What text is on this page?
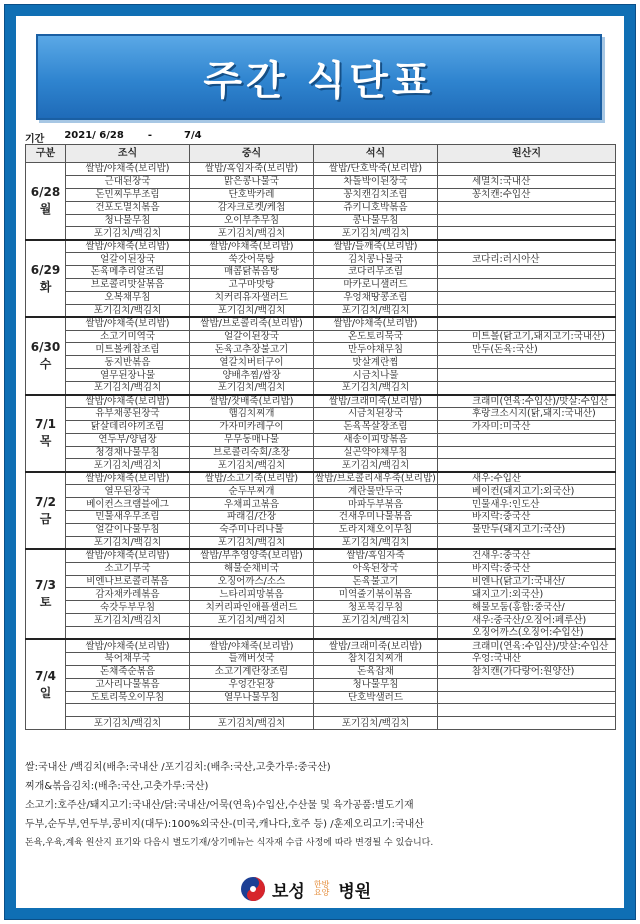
주간 식단표
기간 2021/ 6/28 -	7/4
구분	조식	중식	석식	원산지

6/28
월	쌀밥/야채죽(보리밥)	쌀밥/흑임자죽(보리밥)	쌀밥/단호박죽(보리밥)	
	근대된장국	맑은콩나물국	차돌박이된장국	세멸치:국내산
	돈민찌두부조림	단호박카레	꽁치캔김치조림	꽁치캔:수입산
	건포도멸치볶음	감자크로켓/케첩	쥬키니호박볶음	
	청나물무침	오이부추무침	콩나물무침	
	포기김치/백김치	포기김치/백김치	포기김치/백김치	

6/29
화	쌀밥/야채죽(보리밥)	쌀밥/야채죽(보리밥)	쌀밥/들깨죽(보리밥)	
	얼갈이된장국	쑥갓어묵탕	김치콩나물국	코다리:러시아산
	돈육메추리알조림	매콤닭볶음탕	코다리무조림	
	브로콜리맛살볶음	고구마맛탕	마카로니샐러드	
	오복채무침	치커리유자샐러드	우엉채땅콩조림	
	포기김치/백김치	포기김치/백김치	포기김치/백김치	

6/30
수	쌀밥/야채죽(보리밥)	쌀밥/브로콜리죽(보리밥)	쌀밥/야채죽(보리밥)	
	소고기미역국	얼갈이된장국	온도토리묵국	미트볼(닭고기,돼지고기:국내산)
	미트볼케찹조림	돈육고추장불고기	만두야채무침	만두(돈육:국산)
	동지반볶음	열갈치버터구이	맛살계란찜	
	열무된장나물	양배추찜/쌈장	시금치나물	
	포기김치/백김치	포기김치/백김치	포기김치/백김치	

7/1
목	쌀밥/야채죽(보리밥)	쌀밥/잣배죽(보리밥)	쌀밥/크래미죽(보리밥)	크래미(연육:수입산)/맛살:수입산
	유부채콩된장국	햄김치찌개	시금치된장국	후랑크소시지(닭,돼지:국내산)
	닭살데리야끼조림	가자미카레구이	돈육목살장조림	가자미:미국산
	연두부/양념장	무무동매나물	새송이피망볶음	
	청경채나물무침	브로콜리숙회/초장	실곤약야채무침	
	포기김치/백김치	포기김치/백김치	포기김치/백김치	

7/2
금	쌀밥/야채죽(보리밥)	쌀밥/소고기죽(보리밥)	쌀밥/브로콜리새우죽(보리밥)	새우:수입산
	열무된장국	순두부찌개	계란물만두국	베이컨(돼지고기:외국산)
	베이컨스크램블에그	우채피고볶음	마파두부볶음	민물새우:인도산
	민물새우무조림	파래김/간장	건새우미나물볶음	바지락:중국산
	얼갈이나물무침	숙주미나리나물	도라지채오이무침	물만두(돼지고기:국산)
	포기김치/백김치	포기김치/백김치	포기김치/백김치	

7/3
토	쌀밥/야채죽(보리밥)	쌀밥/부추영양죽(보리밥)	쌀밥/흑임자죽	건새우:중국산
	소고기무국	해물순채비국	아욱된장국	바지락:중국산
	비엔나브로콜리볶음	오징어까스/소스	돈육불고기	비엔나(닭고기:국내산/
	감자채카레볶음	느타리피망볶음	미역줄기볶이볶음	돼지고기:외국산)
	숙갓두부무침	치커리파인애플샐러드	청포묵김무침	해물모둠(홍합:중국산/
	포기김치/백김치	포기김치/백김치	포기김치/백김치	새우:중국산/오징어:페루산)
				오징어까스(오징어:수입산)

7/4
일	쌀밥/야채죽(보리밥)	쌀밥/야채죽(보리밥)	쌀밥/크래미죽(보리밥)	크래미(연육:수입산)/맛살:수입산
	북어채무국	들깨버섯국	참치김치찌개	우엉:국내산
	돈채죽순볶음	소고기계란장조림	돈육잡채	참치캔(가다랑어:원양산)
	고사리나물볶음	우엉간된장	청나물무침	
	도토리묵오이무침	열무나물무침	단호박샐러드	

	포기김치/백김치	포기김치/백김치	포기김치/백김치	
쌀:국내산 /백김치(배추:국내산 /포기김치:(배추:국산,고춧가루:중국산)
찌개&볶음김치:(배추:국산,고춧가루:국산)
소고기:호주산/돼지고기:국내산/닭:국내산/어묵(연육)수입산,수산물 및 육가공품:별도기재
두부,순두부,연두부,콩비지(대두):100%외국산-(미국,캐나다,호주 등) /훈제오리고기:국내산
돈육,우육,계육 원산지 표기와 다음시 별도기재/상기메뉴는 식자재 수급 사정에 따라 변경될 수 있습니다.
보성 한방
요양 병원
